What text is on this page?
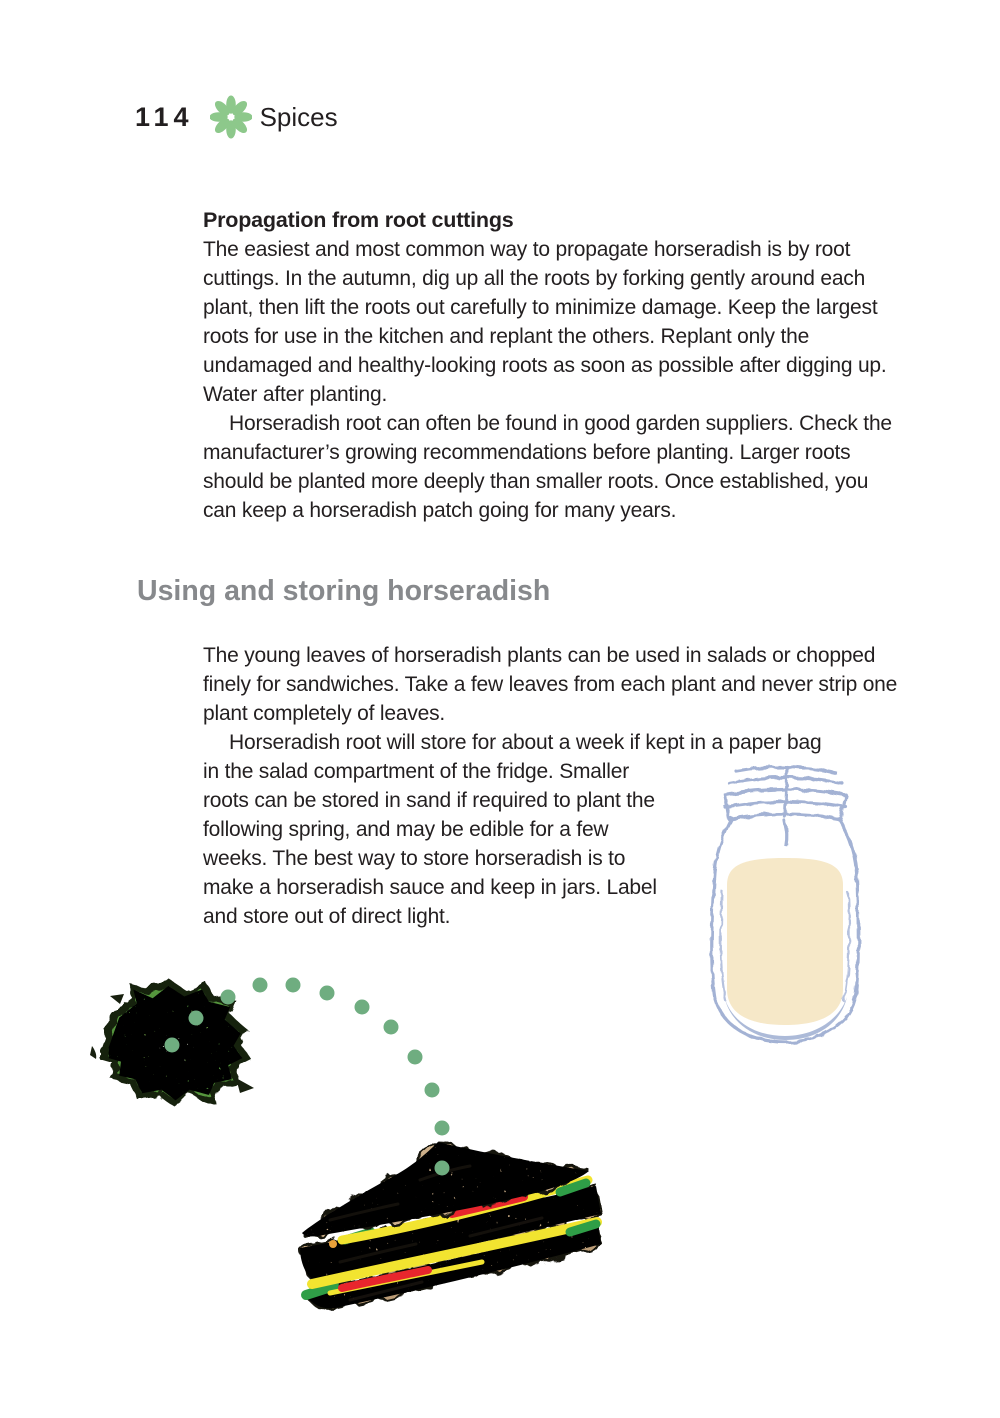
114	Spices
Propagation from root cuttings

The easiest and most common way to propagate horseradish is by root cuttings. In the autumn, dig up all the roots by forking gently around each plant, then lift the roots out carefully to minimize damage. Keep the largest roots for use in the kitchen and replant the others. Replant only the undamaged and healthy-looking roots as soon as possible after digging up. Water after planting.

Horseradish root can often be found in good garden suppliers. Check the manufacturer’s growing recommendations before planting. Larger roots should be planted more deeply than smaller roots. Once established, you can keep a horseradish patch going for many years.

Using and storing horseradish

The young leaves of horseradish plants can be used in salads or chopped finely for sandwiches. Take a few leaves from each plant and never strip one plant completely of leaves.

Horseradish root will store for about a week if kept in a paper bag

in the salad compartment of the fridge. Smaller roots can be stored in sand if required to plant the following spring, and may be edible for a few weeks. The best way to store horseradish is to make a horseradish sauce and keep in jars. Label and store out of direct light.
